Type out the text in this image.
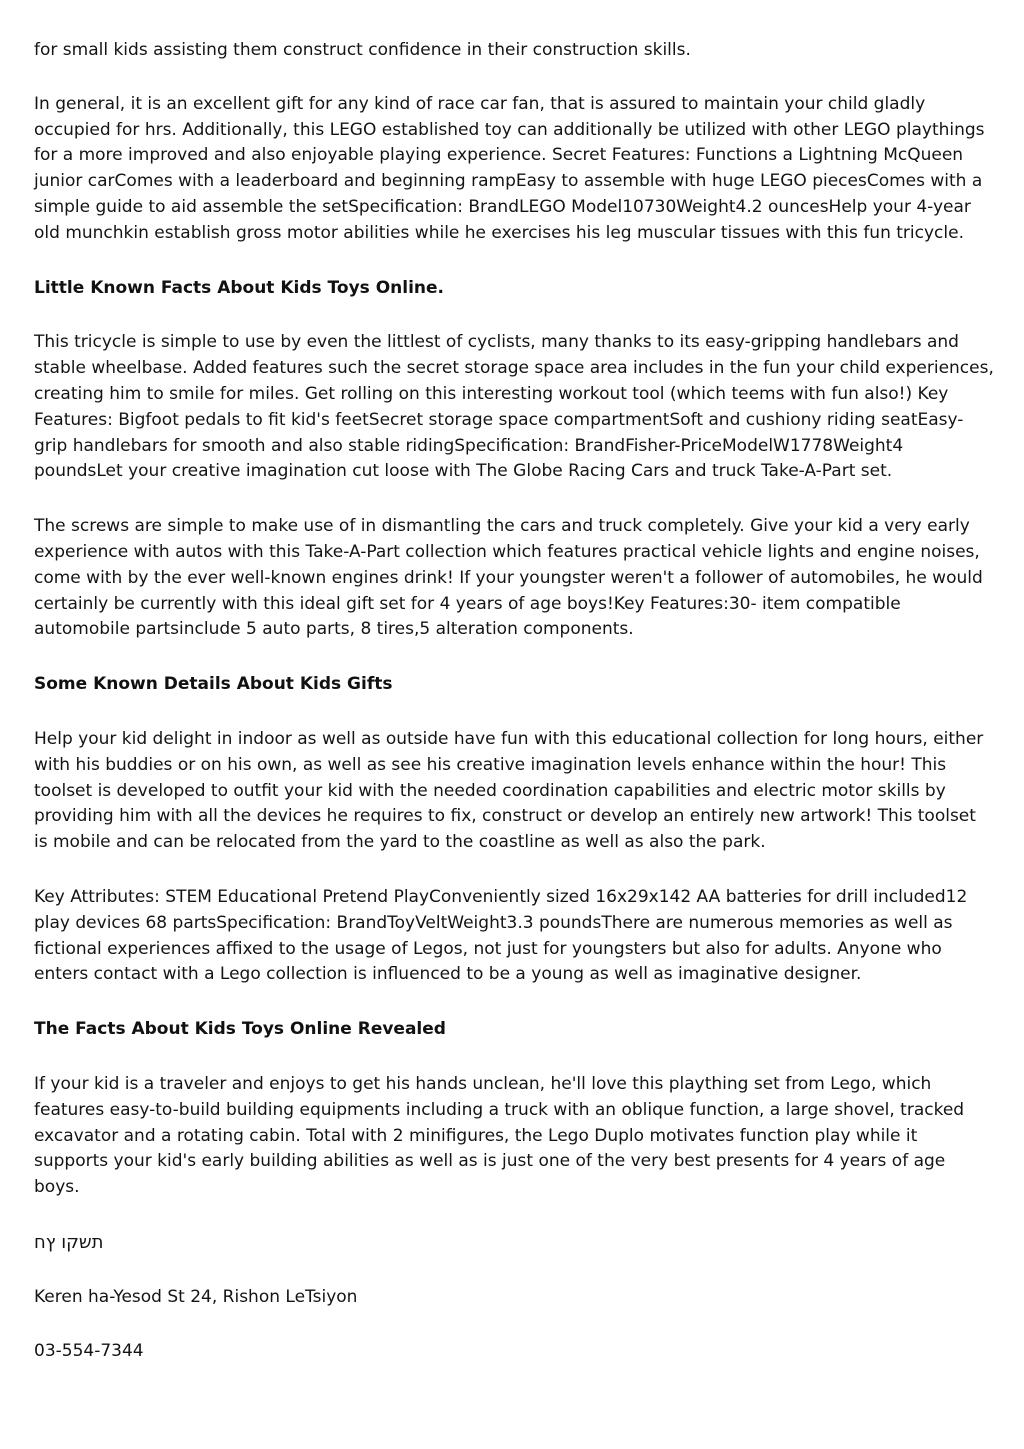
for small kids assisting them construct confidence in their construction skills.

In general, it is an excellent gift for any kind of race car fan, that is assured to maintain your child gladly occupied for hrs. Additionally, this LEGO established toy can additionally be utilized with other LEGO playthings for a more improved and also enjoyable playing experience. Secret Features: Functions a Lightning McQueen junior carComes with a leaderboard and beginning rampEasy to assemble with huge LEGO piecesComes with a simple guide to aid assemble the setSpecification: BrandLEGO Model10730Weight4.2 ouncesHelp your 4-year old munchkin establish gross motor abilities while he exercises his leg muscular tissues with this fun tricycle.

Little Known Facts About Kids Toys Online.

This tricycle is simple to use by even the littlest of cyclists, many thanks to its easy-gripping handlebars and stable wheelbase. Added features such the secret storage space area includes in the fun your child experiences, creating him to smile for miles. Get rolling on this interesting workout tool (which teems with fun also!) Key Features: Bigfoot pedals to fit kid's feetSecret storage space compartmentSoft and cushiony riding seatEasy-grip handlebars for smooth and also stable ridingSpecification: BrandFisher-PriceModelW1778Weight4 poundsLet your creative imagination cut loose with The Globe Racing Cars and truck Take-A-Part set.

The screws are simple to make use of in dismantling the cars and truck completely. Give your kid a very early experience with autos with this Take-A-Part collection which features practical vehicle lights and engine noises, come with by the ever well-known engines drink! If your youngster weren't a follower of automobiles, he would certainly be currently with this ideal gift set for 4 years of age boys!Key Features:30- item compatible automobile partsinclude 5 auto parts, 8 tires,5 alteration components.

Some Known Details About Kids Gifts

Help your kid delight in indoor as well as outside have fun with this educational collection for long hours, either with his buddies or on his own, as well as see his creative imagination levels enhance within the hour! This toolset is developed to outfit your kid with the needed coordination capabilities and electric motor skills by providing him with all the devices he requires to fix, construct or develop an entirely new artwork! This toolset is mobile and can be relocated from the yard to the coastline as well as also the park.

Key Attributes: STEM Educational Pretend PlayConveniently sized 16x29x142 AA batteries for drill included12 play devices 68 partsSpecification: BrandToyVeltWeight3.3 poundsThere are numerous memories as well as fictional experiences affixed to the usage of Legos, not just for youngsters but also for adults. Anyone who enters contact with a Lego collection is influenced to be a young as well as imaginative designer.

The Facts About Kids Toys Online Revealed

If your kid is a traveler and enjoys to get his hands unclean, he'll love this plaything set from Lego, which features easy-to-build building equipments including a truck with an oblique function, a large shovel, tracked excavator and a rotating cabin. Total with 2 minifigures, the Lego Duplo motivates function play while it supports your kid's early building abilities as well as is just one of the very best presents for 4 years of age boys.

תשקו ץח

Keren ha-Yesod St 24, Rishon LeTsiyon

03-554-7344
